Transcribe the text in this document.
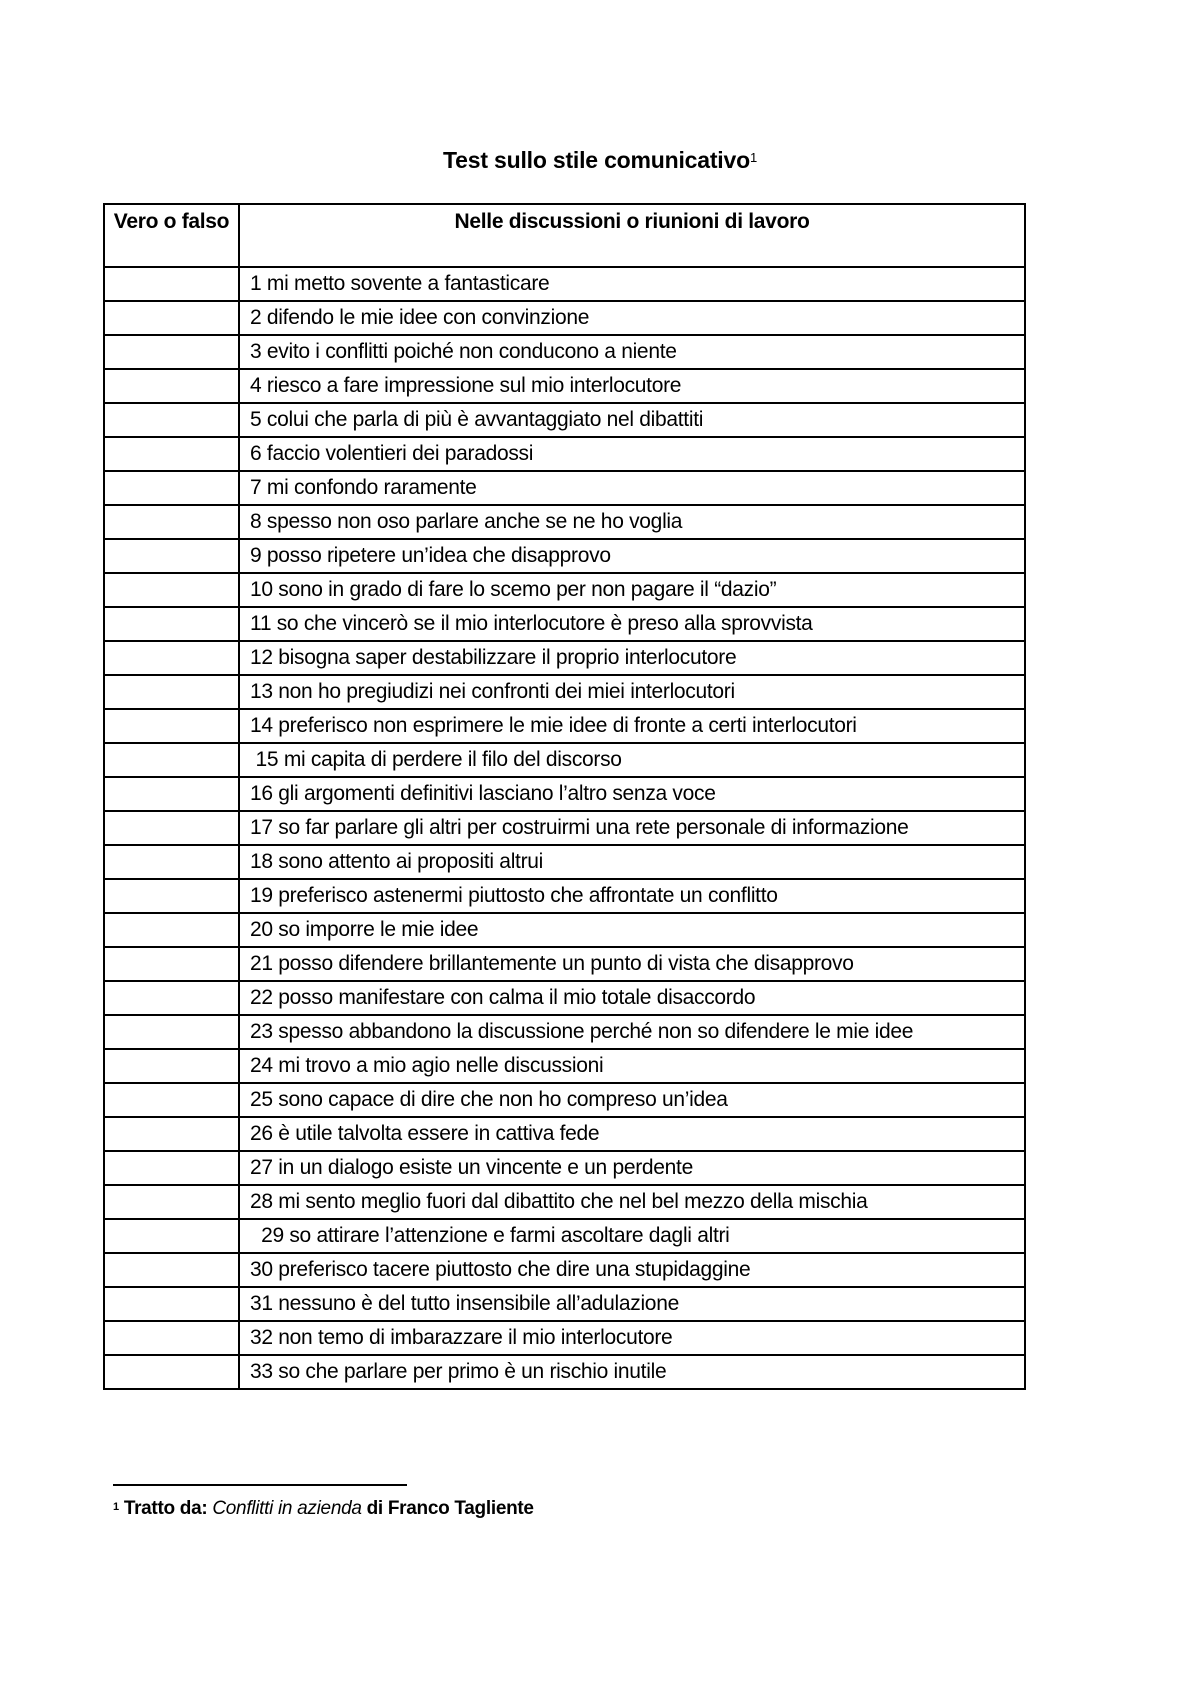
Test sullo stile comunicativo$^1$
Vero o falso	Nelle discussioni o riunioni di lavoro
	1 mi metto sovente a fantasticare
	2 difendo le mie idee con convinzione
	3 evito i conflitti poiché non conducono a niente
	4 riesco a fare impressione sul mio interlocutore
	5 colui che parla di più è avvantaggiato nel dibattiti
	6 faccio volentieri dei paradossi
	7 mi confondo raramente
	8 spesso non oso parlare anche se ne ho voglia
	9 posso ripetere un’idea che disapprovo
	10 sono in grado di fare lo scemo per non pagare il “dazio”
	11 so che vincerò se il mio interlocutore è preso alla sprovvista
	12 bisogna saper destabilizzare il proprio interlocutore
	13 non ho pregiudizi nei confronti dei miei interlocutori
	14 preferisco non esprimere le mie idee di fronte a certi interlocutori
	15 mi capita di perdere il filo del discorso
	16 gli argomenti definitivi lasciano l’altro senza voce
	17 so far parlare gli altri per costruirmi una rete personale di informazione
	18 sono attento ai propositi altrui
	19 preferisco astenermi piuttosto che affrontate un conflitto
	20 so imporre le mie idee
	21 posso difendere brillantemente un punto di vista che disapprovo
	22 posso manifestare con calma il mio totale disaccordo
	23 spesso abbandono la discussione perché non so difendere le mie idee
	24 mi trovo a mio agio nelle discussioni
	25 sono capace di dire che non ho compreso un’idea
	26 è utile talvolta essere in cattiva fede
	27 in un dialogo esiste un vincente e un perdente
	28 mi sento meglio fuori dal dibattito che nel bel mezzo della mischia
	29 so attirare l’attenzione e farmi ascoltare dagli altri
	30 preferisco tacere piuttosto che dire una stupidaggine
	31 nessuno è del tutto insensibile all’adulazione
	32 non temo di imbarazzare il mio interlocutore
	33 so che parlare per primo è un rischio inutile
$^1$ Tratto da: Conflitti in azienda di Franco Tagliente
